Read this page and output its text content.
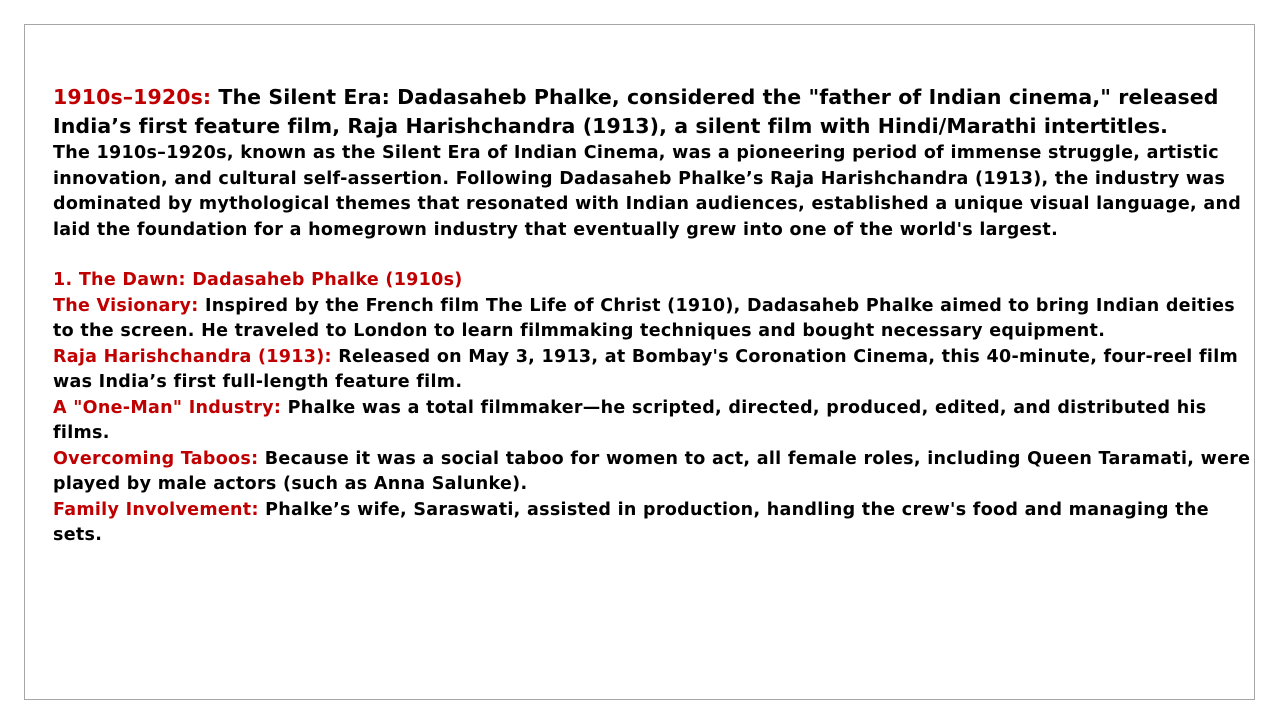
1910s–1920s: The Silent Era: Dadasaheb Phalke, considered the "father of Indian cinema," released India’s first feature film, Raja Harishchandra (1913), a silent film with Hindi/Marathi intertitles.

The 1910s–1920s, known as the Silent Era of Indian Cinema, was a pioneering period of immense struggle, artistic innovation, and cultural self-assertion. Following Dadasaheb Phalke’s Raja Harishchandra (1913), the industry was dominated by mythological themes that resonated with Indian audiences, established a unique visual language, and laid the foundation for a homegrown industry that eventually grew into one of the world's largest.

1. The Dawn: Dadasaheb Phalke (1910s)

The Visionary: Inspired by the French film The Life of Christ (1910), Dadasaheb Phalke aimed to bring Indian deities to the screen. He traveled to London to learn filmmaking techniques and bought necessary equipment.

Raja Harishchandra (1913): Released on May 3, 1913, at Bombay's Coronation Cinema, this 40-minute, four-reel film was India’s first full-length feature film.

A "One-Man" Industry: Phalke was a total filmmaker—he scripted, directed, produced, edited, and distributed his films.

Overcoming Taboos: Because it was a social taboo for women to act, all female roles, including Queen Taramati, were played by male actors (such as Anna Salunke).

Family Involvement: Phalke’s wife, Saraswati, assisted in production, handling the crew's food and managing the sets.
